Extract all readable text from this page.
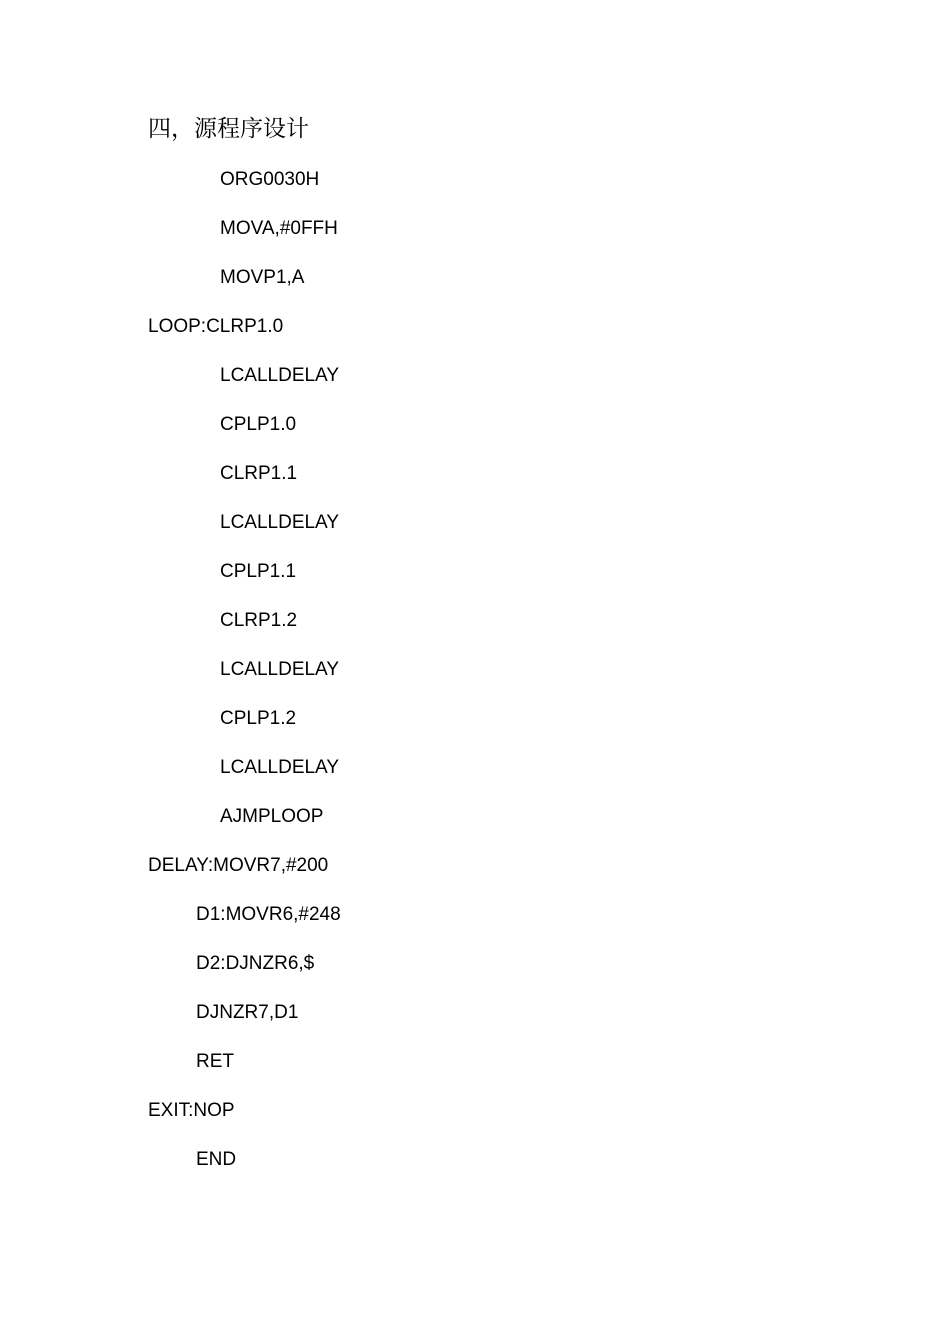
四，源程序设计
ORG0030H
MOVA,#0FFH
MOVP1,A
LOOP:CLRP1.0
LCALLDELAY
CPLP1.0
CLRP1.1
LCALLDELAY
CPLP1.1
CLRP1.2
LCALLDELAY
CPLP1.2
LCALLDELAY
AJMPLOOP
DELAY:MOVR7,#200
D1:MOVR6,#248
D2:DJNZR6,$
DJNZR7,D1
RET
EXIT:NOP
END
